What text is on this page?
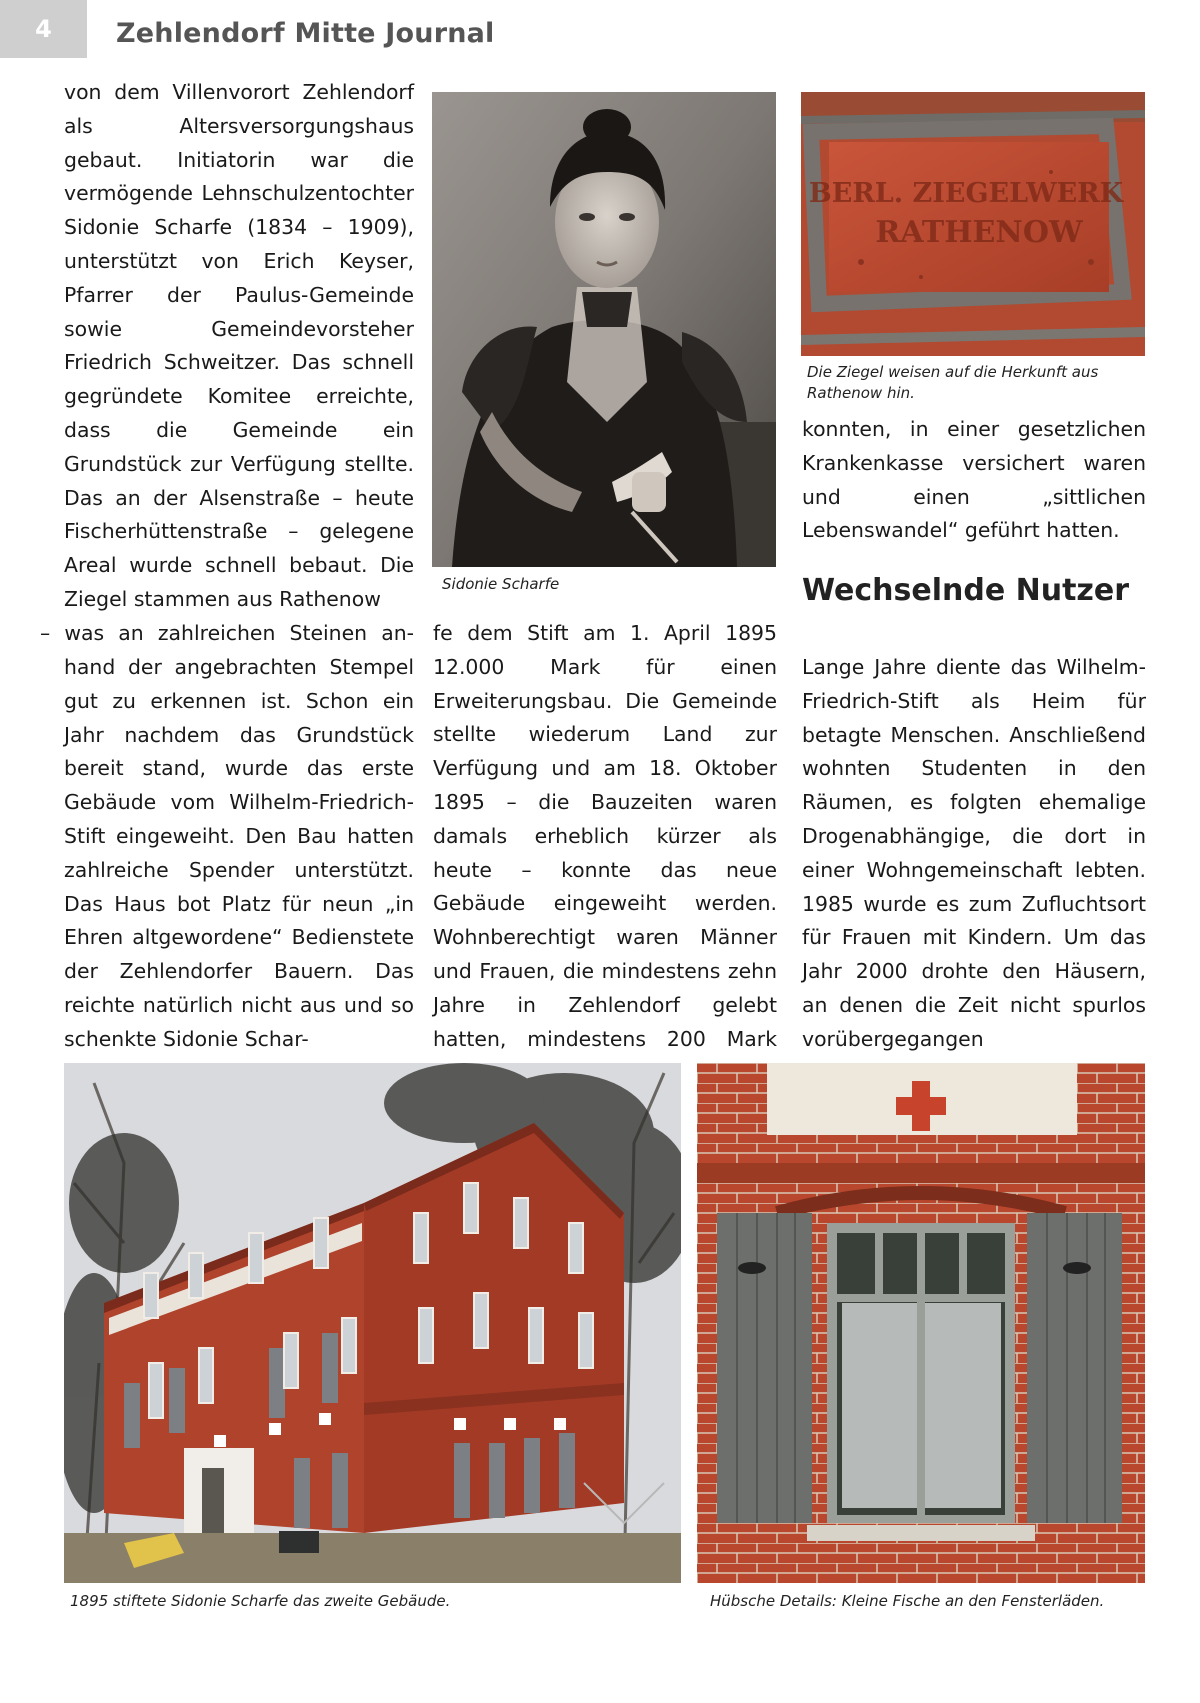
4	Zehlendorf Mitte Journal

von dem Villenvorort Zehlendorf als Altersversorgungshaus gebaut. Initiatorin war die vermögende Lehnschulzentochter Sidonie Scharfe (1834 – 1909), unterstützt von Erich Keyser, Pfarrer der Paulus-Gemeinde sowie Gemeindevorsteher Friedrich Schweitzer. Das schnell gegründete Komitee erreichte, dass die Gemeinde ein Grundstück zur Verfügung stellte. Das an der Alsenstraße – heute Fischerhüttenstraße – gelegene Areal wurde schnell bebaut. Die Ziegel stammen aus Rathenow

– was an zahlreichen Steinen an-

hand der angebrachten Stempel gut zu erkennen ist. Schon ein Jahr nachdem das Grundstück bereit stand, wurde das erste Gebäude vom Wilhelm-Friedrich-Stift eingeweiht. Den Bau hatten zahlreiche Spender unterstützt. Das Haus bot Platz für neun „in Ehren altgewordene“ Bedienstete der Zehlendorfer Bauern. Das reichte natürlich nicht aus und so schenkte Sidonie Schar-

fe dem Stift am 1. April 1895 12.000 Mark für einen Erweiterungsbau. Die Gemeinde stellte wiederum Land zur Verfügung und am 18. Oktober 1895 – die Bauzeiten waren damals erheblich kürzer als heute – konnte das neue Gebäude eingeweiht werden. Wohnberechtigt waren Männer und Frauen, die mindestens zehn Jahre in Zehlendorf gelebt hatten, mindestens 200 Mark

konnten, in einer gesetzlichen Krankenkasse versichert waren und einen „sittlichen Lebenswandel“ geführt hatten.

Wechselnde Nutzer

Lange Jahre diente das Wilhelm-Friedrich-Stift als Heim für betagte Menschen. Anschließend wohnten Studenten in den Räumen, es folgten ehemalige Drogenabhängige, die dort in einer Wohngemeinschaft lebten. 1985 wurde es zum Zufluchtsort für Frauen mit Kindern. Um das Jahr 2000 drohte den Häusern, an denen die Zeit nicht spurlos vorübergegangen

Sidonie Scharfe
BERL. ZIEGELWERK
RATHENOW
Die Ziegel weisen auf die Herkunft aus Rathenow hin.
1895 stiftete Sidonie Scharfe das zweite Gebäude.	Hübsche Details: Kleine Fische an den Fensterläden.
